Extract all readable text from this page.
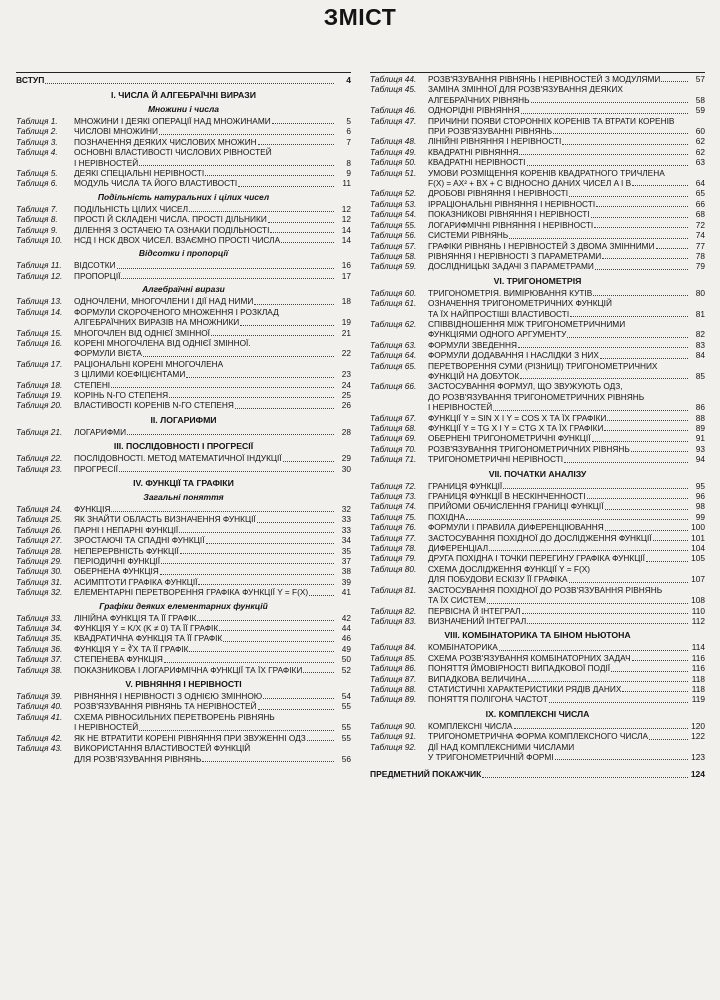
ЗМІСТ
ВСТУП	4
І. ЧИСЛА Й АЛГЕБРАЇЧНІ ВИРАЗИ
Множини і числа
Таблиця 1.	МНОЖИНИ І ДЕЯКІ ОПЕРАЦІЇ НАД МНОЖИНАМИ	5
Таблиця 2.	ЧИСЛОВІ МНОЖИНИ	6
Таблиця 3.	ПОЗНАЧЕННЯ ДЕЯКИХ ЧИСЛОВИХ МНОЖИН	7
Таблиця 4.	ОСНОВНІ ВЛАСТИВОСТІ ЧИСЛОВИХ РІВНОСТЕЙ
І НЕРІВНОСТЕЙ	8
Таблиця 5.	ДЕЯКІ СПЕЦІАЛЬНІ НЕРІВНОСТІ	9
Таблиця 6.	МОДУЛЬ ЧИСЛА ТА ЙОГО ВЛАСТИВОСТІ	11
Подільність натуральних і цілих чисел
Таблиця 7.	ПОДІЛЬНІСТЬ ЦІЛИХ ЧИСЕЛ	12
Таблиця 8.	ПРОСТІ Й СКЛАДЕНІ ЧИСЛА. ПРОСТІ ДІЛЬНИКИ	12
Таблиця 9.	ДІЛЕННЯ З ОСТАЧЕЮ ТА ОЗНАКИ ПОДІЛЬНОСТІ	14
Таблиця 10.	НСД І НСК ДВОХ ЧИСЕЛ. ВЗАЄМНО ПРОСТІ ЧИСЛА	14
Відсотки і пропорції
Таблиця 11.	ВІДСОТКИ	16
Таблиця 12.	ПРОПОРЦІЇ	17
Алгебраїчні вирази
Таблиця 13.	ОДНОЧЛЕНИ, МНОГОЧЛЕНИ І ДІЇ НАД НИМИ	18
Таблиця 14.	ФОРМУЛИ СКОРОЧЕНОГО МНОЖЕННЯ І РОЗКЛАД
АЛГЕБРАЇЧНИХ ВИРАЗІВ НА МНОЖНИКИ	19
Таблиця 15.	МНОГОЧЛЕН ВІД ОДНІЄЇ ЗМІННОЇ	21
Таблиця 16.	КОРЕНІ МНОГОЧЛЕНА ВІД ОДНІЄЇ ЗМІННОЇ.
ФОРМУЛИ ВІЄТА	22
Таблиця 17.	РАЦІОНАЛЬНІ КОРЕНІ МНОГОЧЛЕНА
З ЦІЛИМИ КОЕФІЦІЄНТАМИ	23
Таблиця 18.	СТЕПЕНІ	24
Таблиця 19.	КОРІНЬ N-ГО СТЕПЕНЯ	25
Таблиця 20.	ВЛАСТИВОСТІ КОРЕНІВ N-ГО СТЕПЕНЯ	26
ІІ. ЛОГАРИФМИ
Таблиця 21.	ЛОГАРИФМИ	28
ІІІ. ПОСЛІДОВНОСТІ І ПРОГРЕСІЇ
Таблиця 22.	ПОСЛІДОВНОСТІ. МЕТОД МАТЕМАТИЧНОЇ ІНДУКЦІЇ	29
Таблиця 23.	ПРОГРЕСІЇ	30
IV. ФУНКЦІЇ ТА ГРАФІКИ
Загальні поняття
Таблиця 24.	ФУНКЦІЯ	32
Таблиця 25.	ЯК ЗНАЙТИ ОБЛАСТЬ ВИЗНАЧЕННЯ ФУНКЦІЇ	33
Таблиця 26.	ПАРНІ І НЕПАРНІ ФУНКЦІЇ	33
Таблиця 27.	ЗРОСТАЮЧІ ТА СПАДНІ ФУНКЦІЇ	34
Таблиця 28.	НЕПЕРЕРВНІСТЬ ФУНКЦІЇ	35
Таблиця 29.	ПЕРІОДИЧНІ ФУНКЦІЇ	37
Таблиця 30.	ОБЕРНЕНА ФУНКЦІЯ	38
Таблиця 31.	АСИМПТОТИ ГРАФІКА ФУНКЦІЇ	39
Таблиця 32.	ЕЛЕМЕНТАРНІ ПЕРЕТВОРЕННЯ ГРАФІКА ФУНКЦІЇ Y = F(X)	41
Графіки деяких елементарних функцій
Таблиця 33.	ЛІНІЙНА ФУНКЦІЯ ТА ЇЇ ГРАФІК	42
Таблиця 34.	ФУНКЦІЯ Y = K/X (K ≠ 0) ТА ЇЇ ГРАФІК	44
Таблиця 35.	КВАДРАТИЧНА ФУНКЦІЯ ТА ЇЇ ГРАФІК	46
Таблиця 36.	ФУНКЦІЯ Y = ∛X ТА ЇЇ ГРАФІК	49
Таблиця 37.	СТЕПЕНЕВА ФУНКЦІЯ	50
Таблиця 38.	ПОКАЗНИКОВА І ЛОГАРИФМІЧНА ФУНКЦІЇ ТА ЇХ ГРАФІКИ	52
V. РІВНЯННЯ І НЕРІВНОСТІ
Таблиця 39.	РІВНЯННЯ І НЕРІВНОСТІ З ОДНІЄЮ ЗМІННОЮ	54
Таблиця 40.	РОЗВ'ЯЗУВАННЯ РІВНЯНЬ ТА НЕРІВНОСТЕЙ	55
Таблиця 41.	СХЕМА РІВНОСИЛЬНИХ ПЕРЕТВОРЕНЬ РІВНЯНЬ
І НЕРІВНОСТЕЙ	55
Таблиця 42.	ЯК НЕ ВТРАТИТИ КОРЕНІ РІВНЯННЯ ПРИ ЗВУЖЕННІ ОДЗ	55
Таблиця 43.	ВИКОРИСТАННЯ ВЛАСТИВОСТЕЙ ФУНКЦІЙ
ДЛЯ РОЗВ'ЯЗУВАННЯ РІВНЯНЬ	56
Таблиця 44.	РОЗВ'ЯЗУВАННЯ РІВНЯНЬ І НЕРІВНОСТЕЙ З МОДУЛЯМИ	57
Таблиця 45.	ЗАМІНА ЗМІННОЇ ДЛЯ РОЗВ'ЯЗУВАННЯ ДЕЯКИХ
АЛГЕБРАЇЧНИХ РІВНЯНЬ	58
Таблиця 46.	ОДНОРІДНІ РІВНЯННЯ	59
Таблиця 47.	ПРИЧИНИ ПОЯВИ СТОРОННІХ КОРЕНІВ ТА ВТРАТИ КОРЕНІВ
ПРИ РОЗВ'ЯЗУВАННІ РІВНЯНЬ	60
Таблиця 48.	ЛІНІЙНІ РІВНЯННЯ І НЕРІВНОСТІ	62
Таблиця 49.	КВАДРАТНІ РІВНЯННЯ	62
Таблиця 50.	КВАДРАТНІ НЕРІВНОСТІ	63
Таблиця 51.	УМОВИ РОЗМІЩЕННЯ КОРЕНІВ КВАДРАТНОГО ТРИЧЛЕНА
F(X) = AX² + BX + C ВІДНОСНО ДАНИХ ЧИСЕЛ A І B	64
Таблиця 52.	ДРОБОВІ РІВНЯННЯ І НЕРІВНОСТІ	65
Таблиця 53.	ІРРАЦІОНАЛЬНІ РІВНЯННЯ І НЕРІВНОСТІ	66
Таблиця 54.	ПОКАЗНИКОВІ РІВНЯННЯ І НЕРІВНОСТІ	68
Таблиця 55.	ЛОГАРИФМІЧНІ РІВНЯННЯ І НЕРІВНОСТІ	72
Таблиця 56.	СИСТЕМИ РІВНЯНЬ	74
Таблиця 57.	ГРАФІКИ РІВНЯНЬ І НЕРІВНОСТЕЙ З ДВОМА ЗМІННИМИ	77
Таблиця 58.	РІВНЯННЯ І НЕРІВНОСТІ З ПАРАМЕТРАМИ	78
Таблиця 59.	ДОСЛІДНИЦЬКІ ЗАДАЧІ З ПАРАМЕТРАМИ	79
VI. ТРИГОНОМЕТРІЯ
Таблиця 60.	ТРИГОНОМЕТРІЯ. ВИМІРЮВАННЯ КУТІВ	80
Таблиця 61.	ОЗНАЧЕННЯ ТРИГОНОМЕТРИЧНИХ ФУНКЦІЙ
ТА ЇХ НАЙПРОСТІШІ ВЛАСТИВОСТІ	81
Таблиця 62.	СПІВВІДНОШЕННЯ МІЖ ТРИГОНОМЕТРИЧНИМИ
ФУНКЦІЯМИ ОДНОГО АРГУМЕНТУ	82
Таблиця 63.	ФОРМУЛИ ЗВЕДЕННЯ	83
Таблиця 64.	ФОРМУЛИ ДОДАВАННЯ І НАСЛІДКИ З НИХ	84
Таблиця 65.	ПЕРЕТВОРЕННЯ СУМИ (РІЗНИЦІ) ТРИГОНОМЕТРИЧНИХ
ФУНКЦІЙ НА ДОБУТОК	85
Таблиця 66.	ЗАСТОСУВАННЯ ФОРМУЛ, ЩО ЗВУЖУЮТЬ ОДЗ,
ДО РОЗВ'ЯЗУВАННЯ ТРИГОНОМЕТРИЧНИХ РІВНЯНЬ
І НЕРІВНОСТЕЙ	86
Таблиця 67.	ФУНКЦІЇ Y = SIN X І Y = COS X ТА ЇХ ГРАФІКИ	88
Таблиця 68.	ФУНКЦІЇ Y = TG X І Y = CTG X ТА ЇХ ГРАФІКИ	89
Таблиця 69.	ОБЕРНЕНІ ТРИГОНОМЕТРИЧНІ ФУНКЦІЇ	91
Таблиця 70.	РОЗВ'ЯЗУВАННЯ ТРИГОНОМЕТРИЧНИХ РІВНЯНЬ	93
Таблиця 71.	ТРИГОНОМЕТРИЧНІ НЕРІВНОСТІ	94
VII. ПОЧАТКИ АНАЛІЗУ
Таблиця 72.	ГРАНИЦЯ ФУНКЦІЇ	95
Таблиця 73.	ГРАНИЦЯ ФУНКЦІЇ В НЕСКІНЧЕННОСТІ	96
Таблиця 74.	ПРИЙОМИ ОБЧИСЛЕННЯ ГРАНИЦІ ФУНКЦІЇ	98
Таблиця 75.	ПОХІДНА	99
Таблиця 76.	ФОРМУЛИ І ПРАВИЛА ДИФЕРЕНЦІЮВАННЯ	100
Таблиця 77.	ЗАСТОСУВАННЯ ПОХІДНОЇ ДО ДОСЛІДЖЕННЯ ФУНКЦІЇ	101
Таблиця 78.	ДИФЕРЕНЦІАЛ	104
Таблиця 79.	ДРУГА ПОХІДНА І ТОЧКИ ПЕРЕГИНУ ГРАФІКА ФУНКЦІЇ	105
Таблиця 80.	СХЕМА ДОСЛІДЖЕННЯ ФУНКЦІЇ Y = F(X)
ДЛЯ ПОБУДОВИ ЕСКІЗУ ЇЇ ГРАФІКА	107
Таблиця 81.	ЗАСТОСУВАННЯ ПОХІДНОЇ ДО РОЗВ'ЯЗУВАННЯ РІВНЯНЬ
ТА ЇХ СИСТЕМ	108
Таблиця 82.	ПЕРВІСНА Й ІНТЕГРАЛ	110
Таблиця 83.	ВИЗНАЧЕНИЙ ІНТЕГРАЛ	112
VIII. КОМБІНАТОРИКА ТА БІНОМ НЬЮТОНА
Таблиця 84.	КОМБІНАТОРИКА	114
Таблиця 85.	СХЕМА РОЗВ'ЯЗУВАННЯ КОМБІНАТОРНИХ ЗАДАЧ	116
Таблиця 86.	ПОНЯТТЯ ЙМОВІРНОСТІ ВИПАДКОВОЇ ПОДІЇ	116
Таблиця 87.	ВИПАДКОВА ВЕЛИЧИНА	118
Таблиця 88.	СТАТИСТИЧНІ ХАРАКТЕРИСТИКИ РЯДІВ ДАНИХ	118
Таблиця 89.	ПОНЯТТЯ ПОЛІГОНА ЧАСТОТ	119
IX. КОМПЛЕКСНІ ЧИСЛА
Таблиця 90.	КОМПЛЕКСНІ ЧИСЛА	120
Таблиця 91.	ТРИГОНОМЕТРИЧНА ФОРМА КОМПЛЕКСНОГО ЧИСЛА	122
Таблиця 92.	ДІЇ НАД КОМПЛЕКСНИМИ ЧИСЛАМИ
У ТРИГОНОМЕТРИЧНІЙ ФОРМІ	123
ПРЕДМЕТНИЙ ПОКАЖЧИК	124
